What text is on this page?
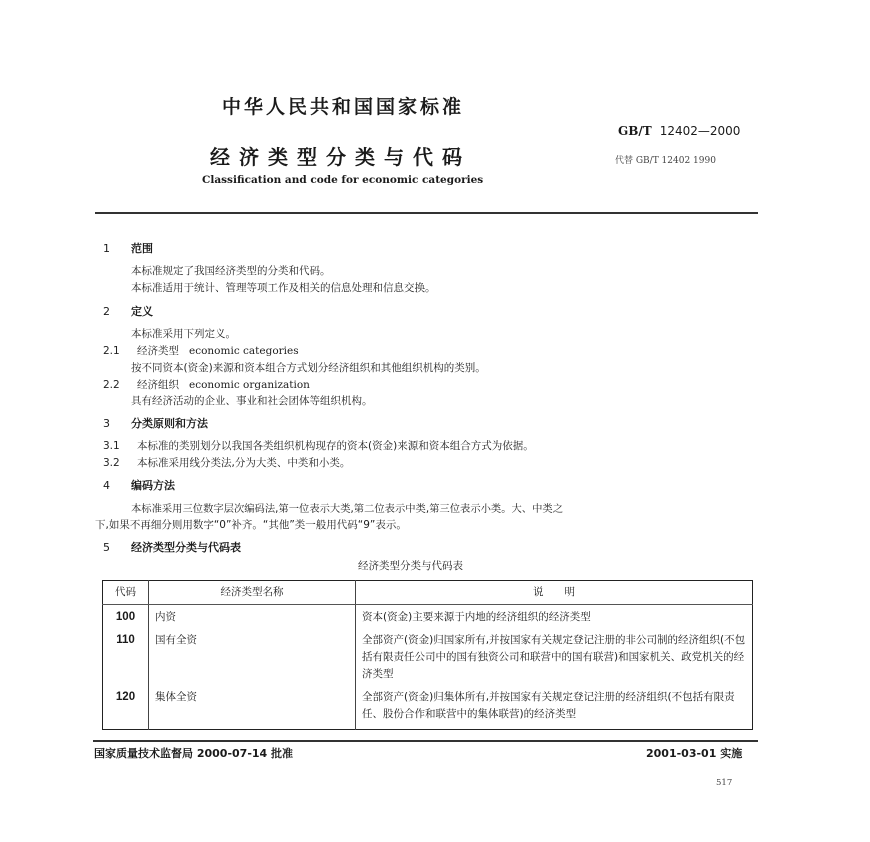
中华人民共和国国家标准
经济类型分类与代码
Classification and code for economic categories
GB/T 12402—2000
代替 GB/T 12402 1990
1 范围
本标准规定了我国经济类型的分类和代码。
本标准适用于统计、管理等项工作及相关的信息处理和信息交换。
2 定义
本标准采用下列定义。
2.1 经济类型 economic categories
按不同资本(资金)来源和资本组合方式划分经济组织和其他组织机构的类别。
2.2 经济组织 economic organization
具有经济活动的企业、事业和社会团体等组织机构。
3 分类原则和方法
3.1 本标准的类别划分以我国各类组织机构现存的资本(资金)来源和资本组合方式为依据。
3.2 本标准采用线分类法,分为大类、中类和小类。
4 编码方法
本标准采用三位数字层次编码法,第一位表示大类,第二位表示中类,第三位表示小类。大、中类之
下,如果不再细分则用数字“0”补齐。“其他”类一般用代码“9”表示。
5 经济类型分类与代码表
经济类型分类与代码表
代码	经济类型名称	说　　明
100	内资	资本(资金)主要来源于内地的经济组织的经济类型
110	国有全资	全部资产(资金)归国家所有,并按国家有关规定登记注册的非公司制的经济组织(不包括有限责任公司中的国有独资公司和联营中的国有联营)和国家机关、政党机关的经济类型
120	集体全资	全部资产(资金)归集体所有,并按国家有关规定登记注册的经济组织(不包括有限责任、股份合作和联营中的集体联营)的经济类型
国家质量技术监督局 2000-07-14 批准	2001-03-01 实施
517
